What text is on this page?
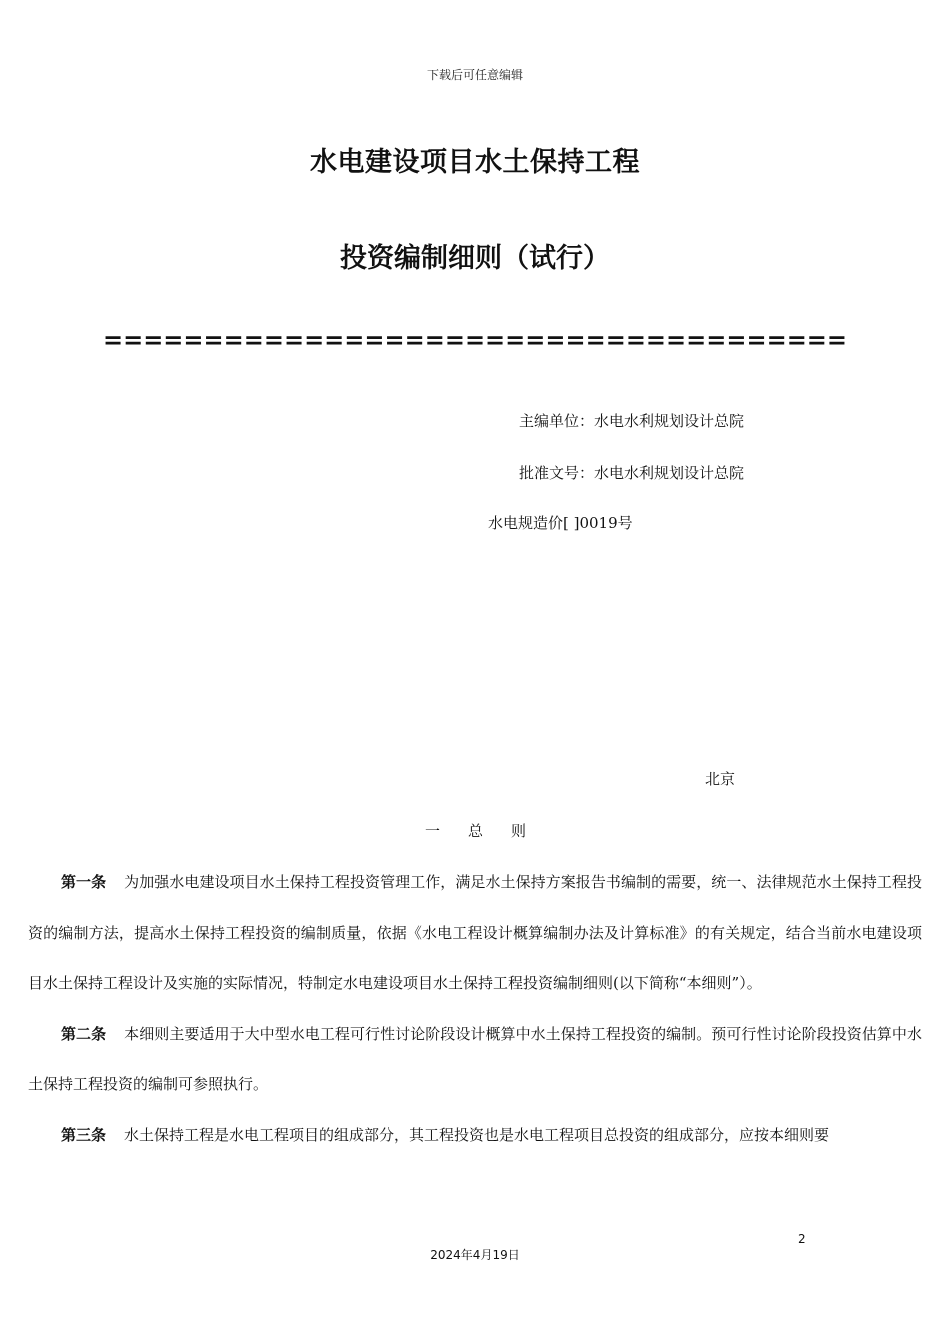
下载后可任意编辑
水电建设项目水土保持工程
投资编制细则（试行）
=====================================
主编单位：水电水利规划设计总院
批准文号：水电水利规划设计总院
水电规造价[ ]0019号
北京
一 总 则

第一条 为加强水电建设项目水土保持工程投资管理工作，满足水土保持方案报告书编制的需要，统一、法律规范水土保持工程投资的编制方法，提高水土保持工程投资的编制质量，依据《水电工程设计概算编制办法及计算标准》的有关规定，结合当前水电建设项目水土保持工程设计及实施的实际情况，特制定水电建设项目水土保持工程投资编制细则(以下简称“本细则”）。

第二条 本细则主要适用于大中型水电工程可行性讨论阶段设计概算中水土保持工程投资的编制。预可行性讨论阶段投资估算中水土保持工程投资的编制可参照执行。

第三条 水土保持工程是水电工程项目的组成部分，其工程投资也是水电工程项目总投资的组成部分，应按本细则要

2
2024年4月19日
